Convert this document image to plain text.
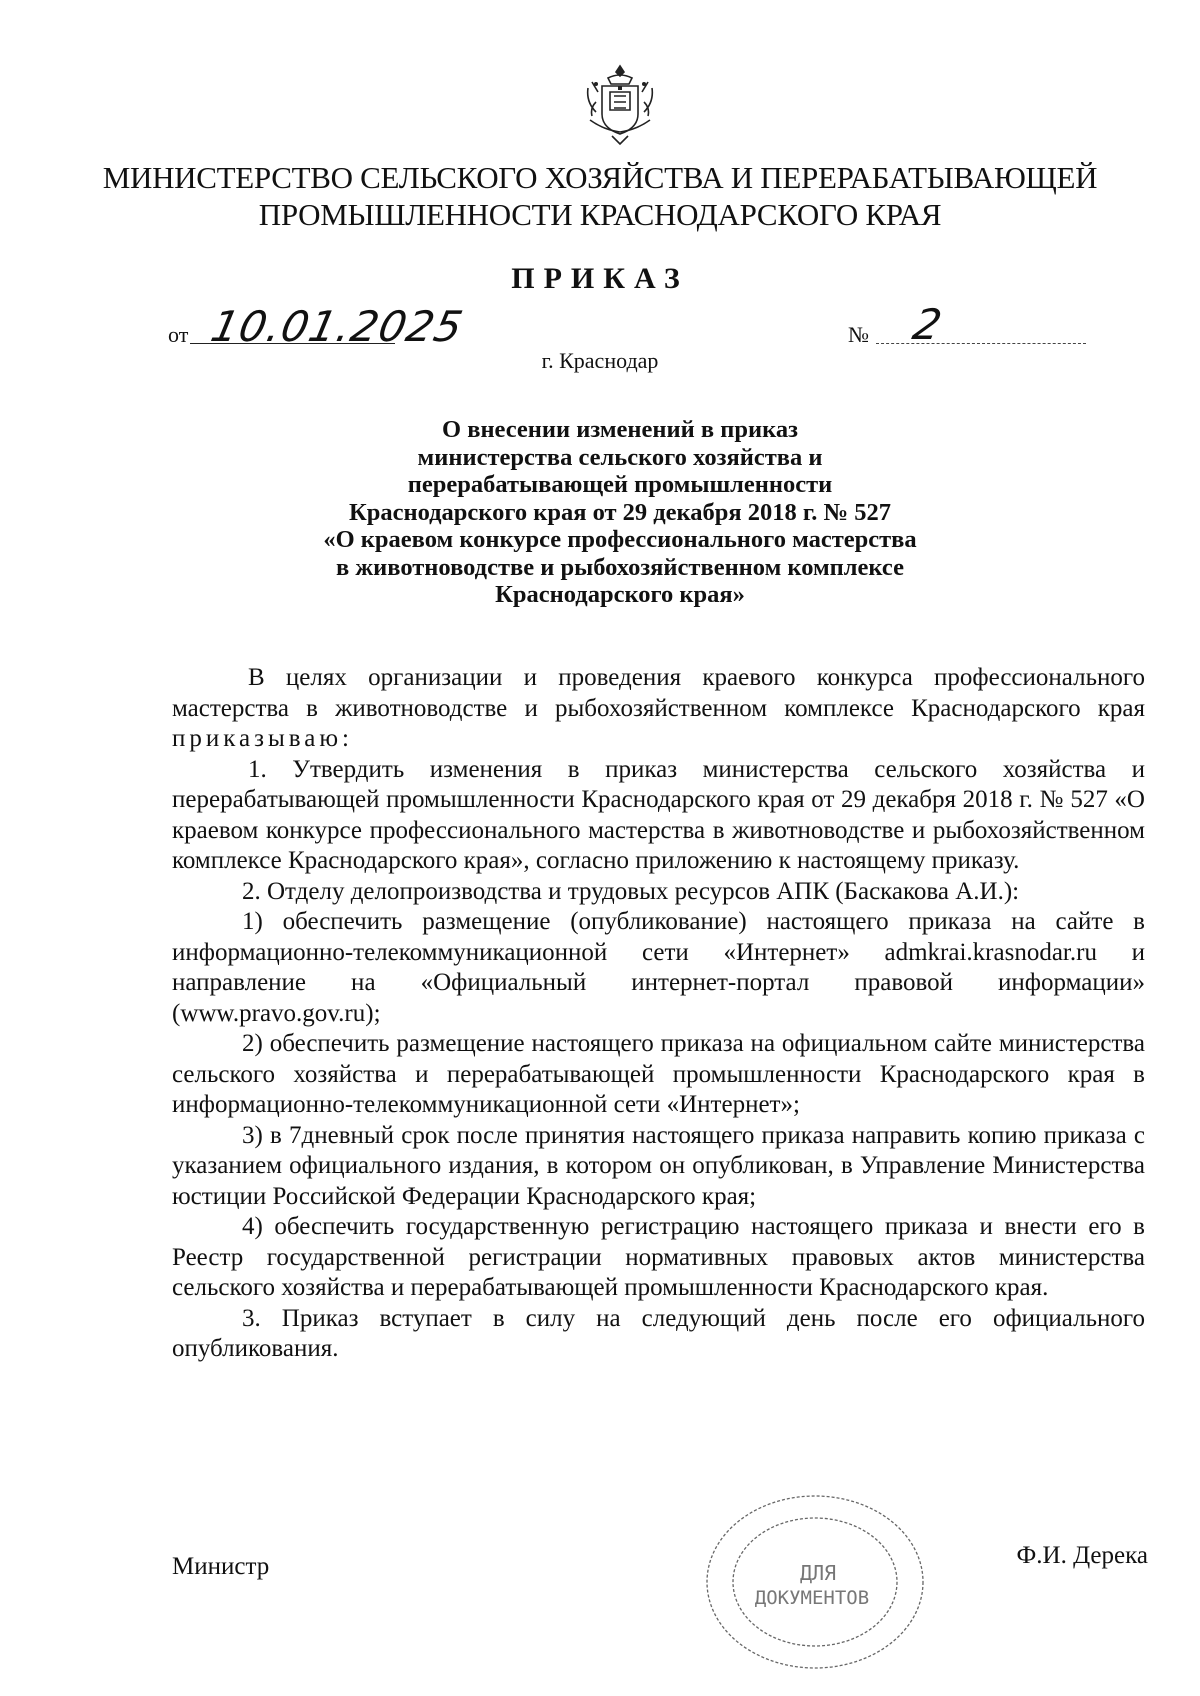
МИНИСТЕРСТВО СЕЛЬСКОГО ХОЗЯЙСТВА И ПЕРЕРАБАТЫВАЮЩЕЙ
ПРОМЫШЛЕННОСТИ КРАСНОДАРСКОГО КРАЯ
ПРИКАЗ
от 10.01.2025	№ 2
г. Краснодар
О внесении изменений в приказ
министерства сельского хозяйства и
перерабатывающей промышленности
Краснодарского края от 29 декабря 2018 г. № 527
«О краевом конкурсе профессионального мастерства
в животноводстве и рыбохозяйственном комплексе
Краснодарского края»

В целях организации и проведения краевого конкурса профессионального мастерства в животноводстве и рыбохозяйственном комплексе Краснодарского края приказываю:

1. Утвердить изменения в приказ министерства сельского хозяйства и перерабатывающей промышленности Краснодарского края от 29 декабря 2018 г. № 527 «О краевом конкурсе профессионального мастерства в животноводстве и рыбохозяйственном комплексе Краснодарского края», согласно приложению к настоящему приказу.

2. Отделу делопроизводства и трудовых ресурсов АПК (Баскакова А.И.):

1) обеспечить размещение (опубликование) настоящего приказа на сайте в информационно-телекоммуникационной сети «Интернет» admkrai.krasnodar.ru и направление на «Официальный интернет-портал правовой информации» (www.pravo.gov.ru);

2) обеспечить размещение настоящего приказа на официальном сайте министерства сельского хозяйства и перерабатывающей промышленности Краснодарского края в информационно-телекоммуникационной сети «Интернет»;

3) в 7дневный срок после принятия настоящего приказа направить копию приказа с указанием официального издания, в котором он опубликован, в Управление Министерства юстиции Российской Федерации Краснодарского края;

4) обеспечить государственную регистрацию настоящего приказа и внести его в Реестр государственной регистрации нормативных правовых актов министерства сельского хозяйства и перерабатывающей промышленности Краснодарского края.

3. Приказ вступает в силу на следующий день после его официального опубликования.

Министр	Ф.И. Дерека
ДЛЯ
ДОКУМЕНТОВ
